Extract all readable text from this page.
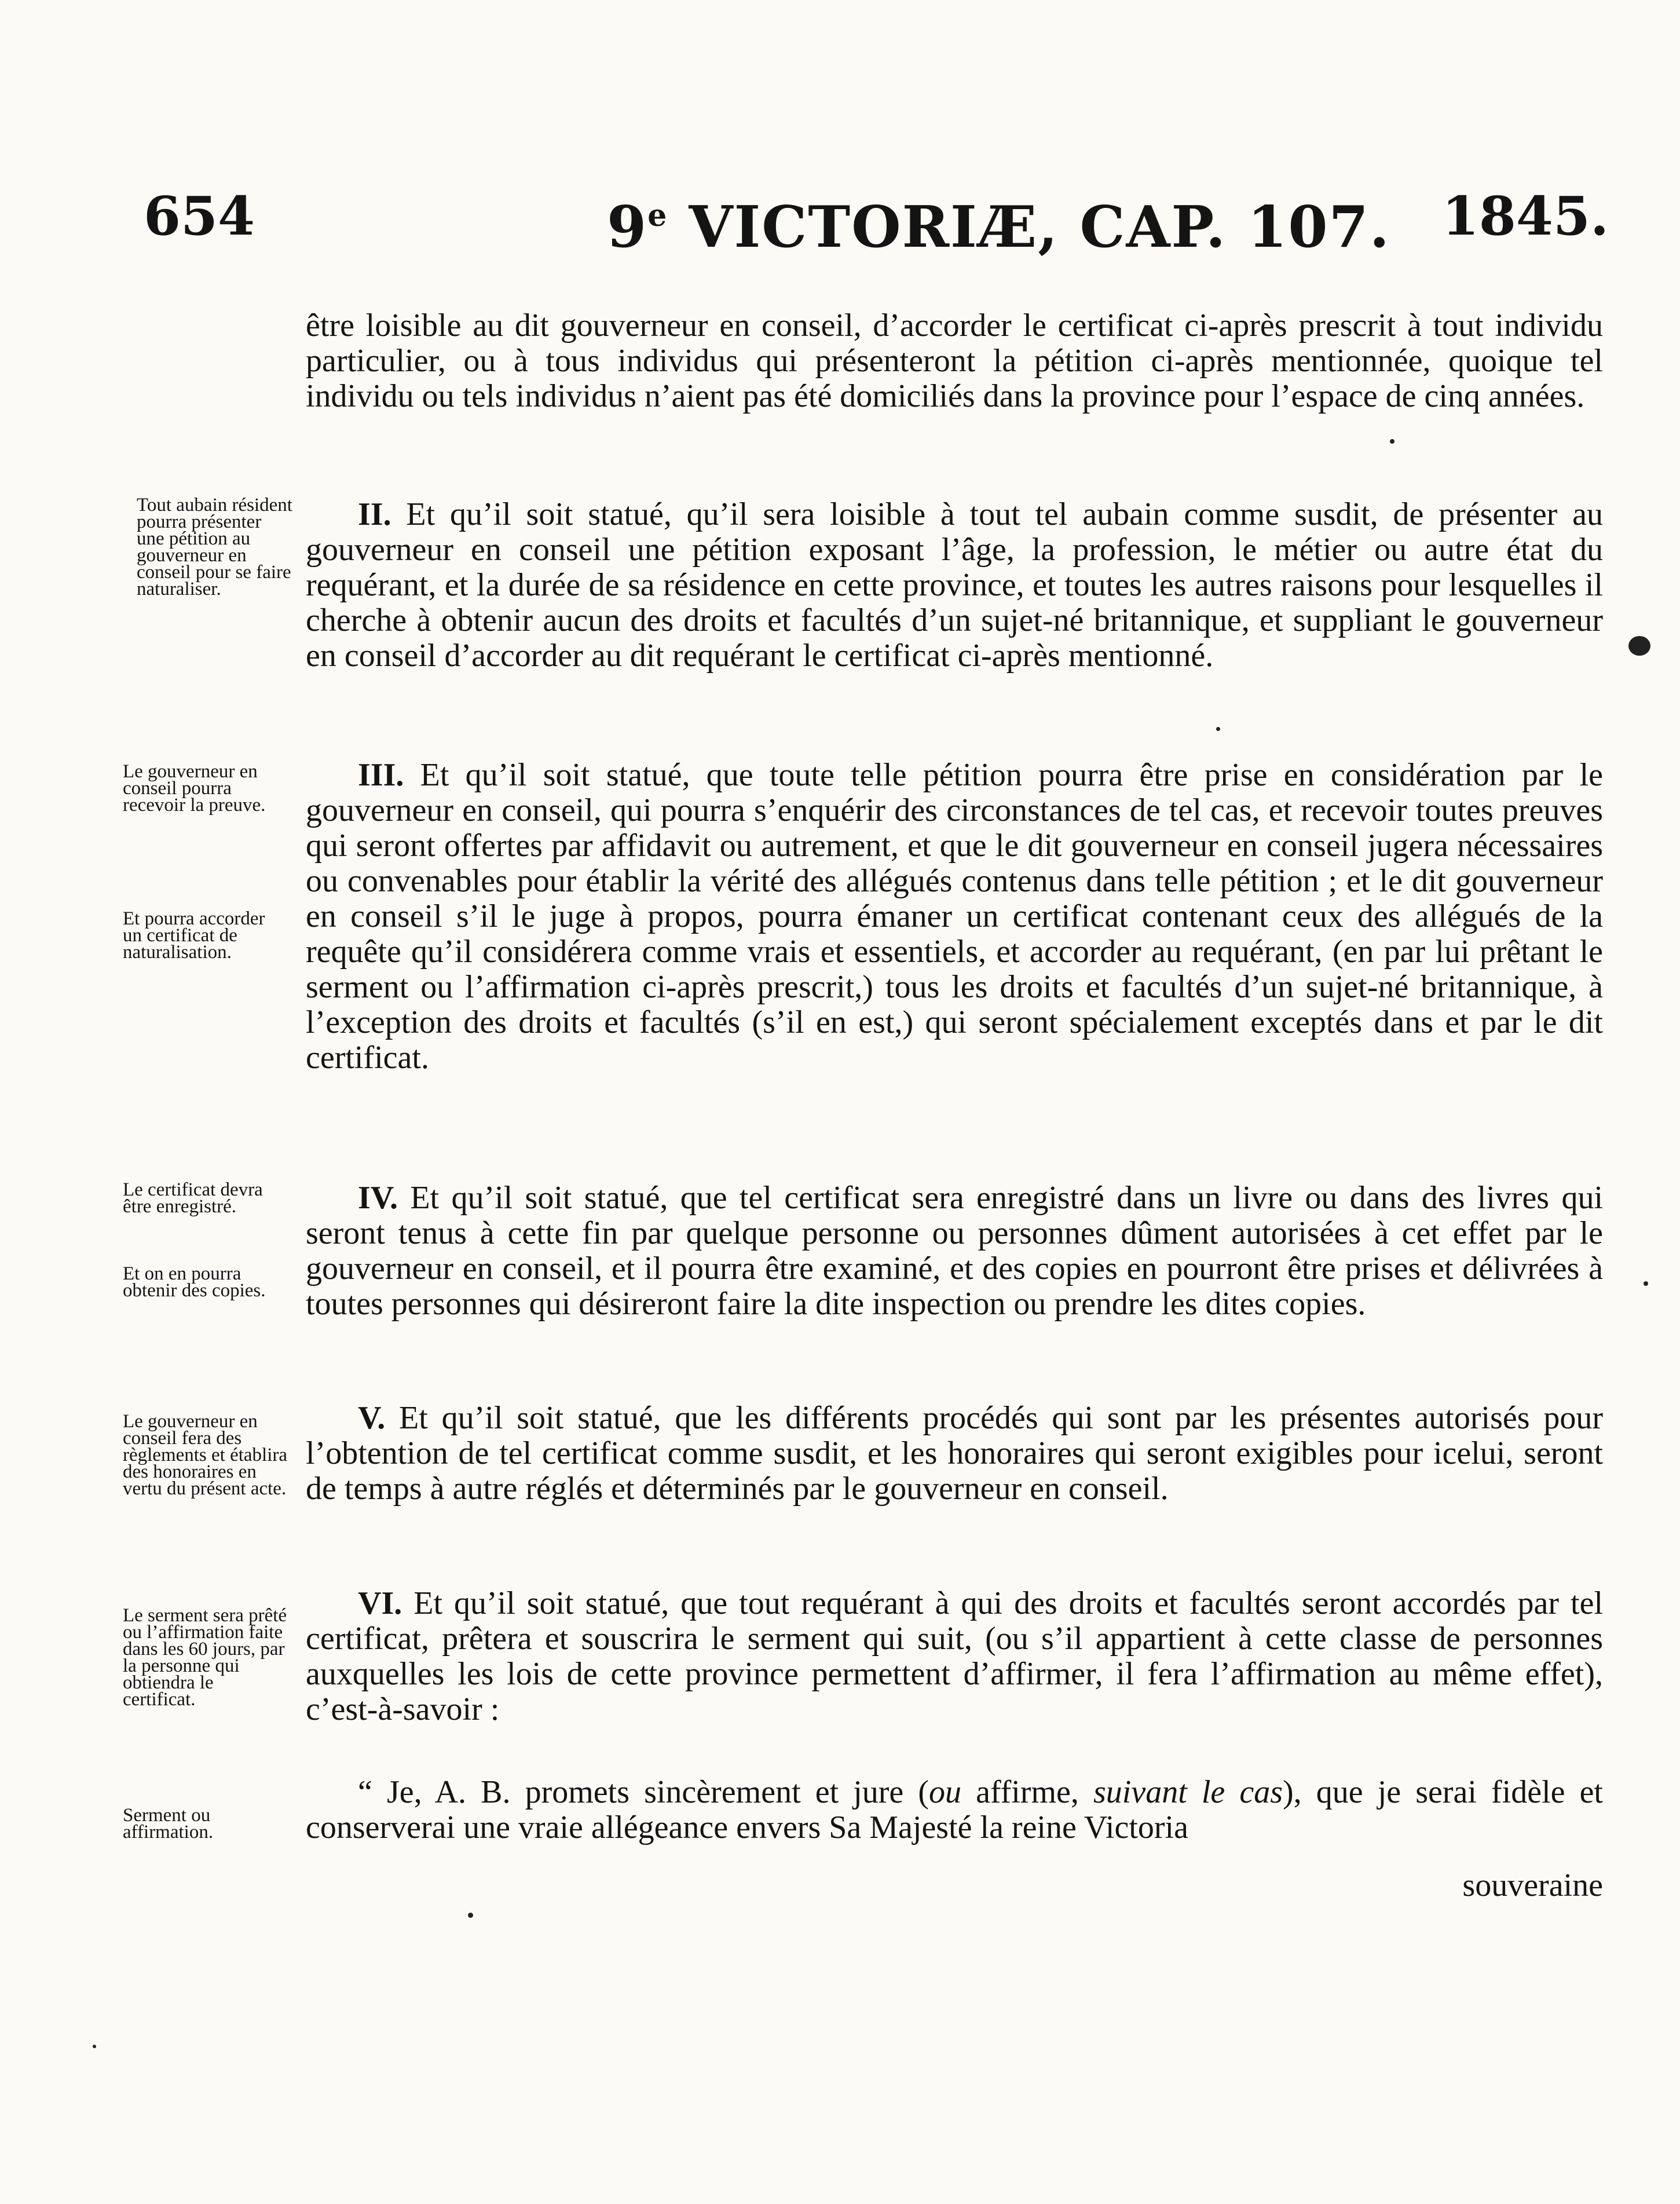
654	9e VICTORIÆ, CAP. 107. 1845.

être loisible au dit gouverneur en conseil, d’accorder le certificat ci-après prescrit à tout individu particulier, ou à tous individus qui présenteront la pétition ci-après mentionnée, quoique tel individu ou tels individus n’aient pas été domiciliés dans la province pour l’espace de cinq années.

II. Et qu’il soit statué, qu’il sera loisible à tout tel aubain comme susdit, de présenter au gouverneur en conseil une pétition exposant l’âge, la profession, le métier ou autre état du requérant, et la durée de sa résidence en cette province, et toutes les autres raisons pour lesquelles il cherche à obtenir aucun des droits et facultés d’un sujet-né britannique, et suppliant le gouverneur en conseil d’accorder au dit requérant le certificat ci-après mentionné.

III. Et qu’il soit statué, que toute telle pétition pourra être prise en considération par le gouverneur en conseil, qui pourra s’enquérir des circonstances de tel cas, et recevoir toutes preuves qui seront offertes par affidavit ou autrement, et que le dit gouverneur en conseil jugera nécessaires ou convenables pour établir la vérité des allégués contenus dans telle pétition ; et le dit gouverneur en conseil s’il le juge à propos, pourra émaner un certificat contenant ceux des allégués de la requête qu’il considérera comme vrais et essentiels, et accorder au requérant, (en par lui prêtant le serment ou l’affirmation ci-après prescrit,) tous les droits et facultés d’un sujet-né britannique, à l’exception des droits et facultés (s’il en est,) qui seront spécialement exceptés dans et par le dit certificat.

IV. Et qu’il soit statué, que tel certificat sera enregistré dans un livre ou dans des livres qui seront tenus à cette fin par quelque personne ou personnes dûment autorisées à cet effet par le gouverneur en conseil, et il pourra être examiné, et des copies en pourront être prises et délivrées à toutes personnes qui désireront faire la dite inspection ou prendre les dites copies.

V. Et qu’il soit statué, que les différents procédés qui sont par les présentes autorisés pour l’obtention de tel certificat comme susdit, et les honoraires qui seront exigibles pour icelui, seront de temps à autre réglés et déterminés par le gouverneur en conseil.

VI. Et qu’il soit statué, que tout requérant à qui des droits et facultés seront accordés par tel certificat, prêtera et souscrira le serment qui suit, (ou s’il appartient à cette classe de personnes auxquelles les lois de cette province permettent d’affirmer, il fera l’affirmation au même effet), c’est-à-savoir :

“ Je, A. B. promets sincèrement et jure (ou affirme, suivant le cas), que je serai fidèle et conserverai une vraie allégeance envers Sa Majesté la reine Victoria

souveraine

Tout aubain résident pourra présenter une pétition au gouverneur en conseil pour se faire naturaliser.

Le gouverneur en conseil pourra recevoir la preuve.

Et pourra accorder un certificat de naturalisation.

Le certificat devra être enregistré.

Et on en pourra obtenir des copies.

Le gouverneur en conseil fera des règlements et établira des honoraires en vertu du présent acte.

Le serment sera prêté ou l’affirmation faite dans les 60 jours, par la personne qui obtiendra le certificat.

Serment ou affirmation.
